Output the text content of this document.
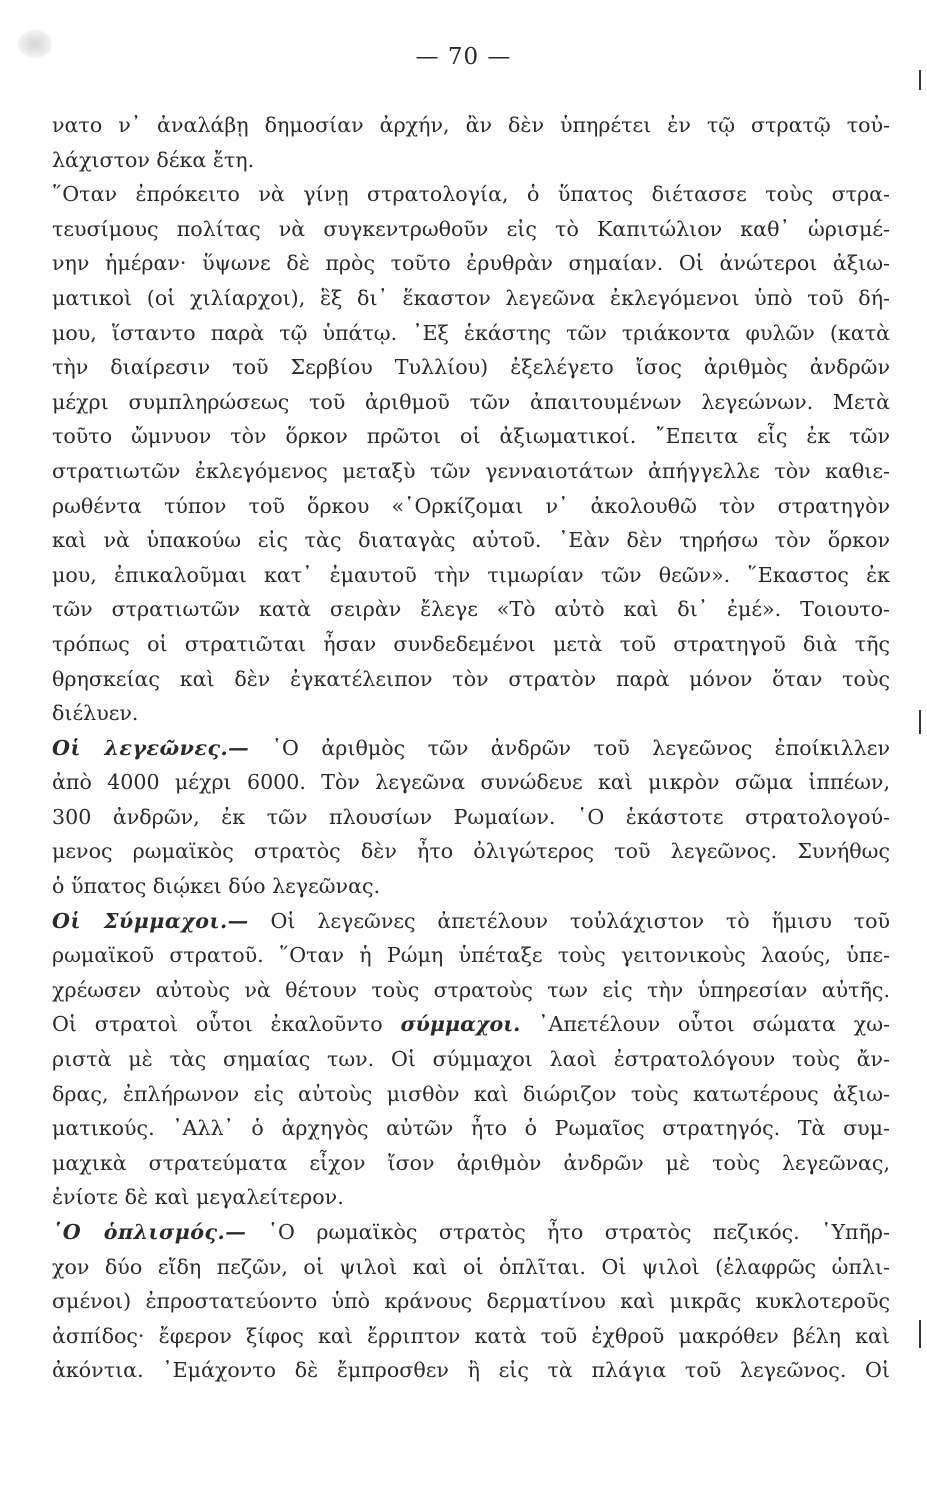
— 70 —
νατο ν᾽ ἀναλάβῃ δημοσίαν ἀρχήν, ἂν δὲν ὑπηρέτει ἐν τῷ στρατῷ τοὐ-
λάχιστον δέκα ἔτη.
῞Οταν ἐπρόκειτο νὰ γίνῃ στρατολογία, ὁ ὕπατος διέτασσε τοὺς στρα-
τευσίμους πολίτας νὰ συγκεντρωθοῦν εἰς τὸ Καπιτώλιον καθ᾽ ὡρισμέ-
νην ἡμέραν· ὕψωνε δὲ πρὸς τοῦτο ἐρυθρὰν σημαίαν. Οἱ ἀνώτεροι ἀξιω-
ματικοὶ (οἱ χιλίαρχοι), ἓξ δι᾽ ἕκαστον λεγεῶνα ἐκλεγόμενοι ὑπὸ τοῦ δή-
μου, ἵσταντο παρὰ τῷ ὑπάτῳ. ᾿Εξ ἑκάστης τῶν τριάκοντα φυλῶν (κατὰ
τὴν διαίρεσιν τοῦ Σερβίου Τυλλίου) ἐξελέγετο ἴσος ἀριθμὸς ἀνδρῶν
μέχρι συμπληρώσεως τοῦ ἀριθμοῦ τῶν ἀπαιτουμένων λεγεώνων. Μετὰ
τοῦτο ὤμνυον τὸν ὅρκον πρῶτοι οἱ ἀξιωματικοί. ῎Επειτα εἷς ἐκ τῶν
στρατιωτῶν ἐκλεγόμενος μεταξὺ τῶν γενναιοτάτων ἀπήγγελλε τὸν καθιε-
ρωθέντα τύπον τοῦ ὅρκου «῾Ορκίζομαι ν᾽ ἀκολουθῶ τὸν στρατηγὸν
καὶ νὰ ὑπακούω εἰς τὰς διαταγὰς αὐτοῦ. ᾿Εὰν δὲν τηρήσω τὸν ὅρκον
μου, ἐπικαλοῦμαι κατ᾽ ἐμαυτοῦ τὴν τιμωρίαν τῶν θεῶν». ῞Εκαστος ἐκ
τῶν στρατιωτῶν κατὰ σειρὰν ἔλεγε «Τὸ αὐτὸ καὶ δι᾽ ἐμέ». Τοιουτο-
τρόπως οἱ στρατιῶται ἦσαν συνδεδεμένοι μετὰ τοῦ στρατηγοῦ διὰ τῆς
θρησκείας καὶ δὲν ἐγκατέλειπον τὸν στρατὸν παρὰ μόνον ὅταν τοὺς
διέλυεν.
Οἱ λεγεῶνες.— ῾Ο ἀριθμὸς τῶν ἀνδρῶν τοῦ λεγεῶνος ἐποίκιλλεν
ἀπὸ 4000 μέχρι 6000. Τὸν λεγεῶνα συνώδευε καὶ μικρὸν σῶμα ἱππέων,
300 ἀνδρῶν, ἐκ τῶν πλουσίων Ρωμαίων. ῾Ο ἑκάστοτε στρατολογού-
μενος ρωμαϊκὸς στρατὸς δὲν ἦτο ὀλιγώτερος τοῦ λεγεῶνος. Συνήθως
ὁ ὕπατος διῴκει δύο λεγεῶνας.
Οἱ Σύμμαχοι.— Οἱ λεγεῶνες ἀπετέλουν τοὐλάχιστον τὸ ἥμισυ τοῦ
ρωμαϊκοῦ στρατοῦ. ῞Οταν ἡ Ρώμη ὑπέταξε τοὺς γειτονικοὺς λαούς, ὑπε-
χρέωσεν αὐτοὺς νὰ θέτουν τοὺς στρατοὺς των εἰς τὴν ὑπηρεσίαν αὐτῆς.
Οἱ στρατοὶ οὗτοι ἐκαλοῦντο σύμμαχοι. ᾿Απετέλουν οὗτοι σώματα χω-
ριστὰ μὲ τὰς σημαίας των. Οἱ σύμμαχοι λαοὶ ἐστρατολόγουν τοὺς ἄν-
δρας, ἐπλήρωνον εἰς αὐτοὺς μισθὸν καὶ διώριζον τοὺς κατωτέρους ἀξιω-
ματικούς. ᾿Αλλ᾽ ὁ ἀρχηγὸς αὐτῶν ἦτο ὁ Ρωμαῖος στρατηγός. Τὰ συμ-
μαχικὰ στρατεύματα εἶχον ἴσον ἀριθμὸν ἀνδρῶν μὲ τοὺς λεγεῶνας,
ἐνίοτε δὲ καὶ μεγαλείτερον.
῾Ο ὁπλισμός.— ῾Ο ρωμαϊκὸς στρατὸς ἦτο στρατὸς πεζικός. ῾Υπῆρ-
χον δύο εἴδη πεζῶν, οἱ ψιλοὶ καὶ οἱ ὁπλῖται. Οἱ ψιλοὶ (ἐλαφρῶς ὡπλι-
σμένοι) ἐπροστατεύοντο ὑπὸ κράνους δερματίνου καὶ μικρᾶς κυκλοτεροῦς
ἀσπίδος· ἔφερον ξίφος καὶ ἔρριπτον κατὰ τοῦ ἐχθροῦ μακρόθεν βέλη καὶ
ἀκόντια. ᾿Εμάχοντο δὲ ἔμπροσθεν ἢ εἰς τὰ πλάγια τοῦ λεγεῶνος. Οἱ
